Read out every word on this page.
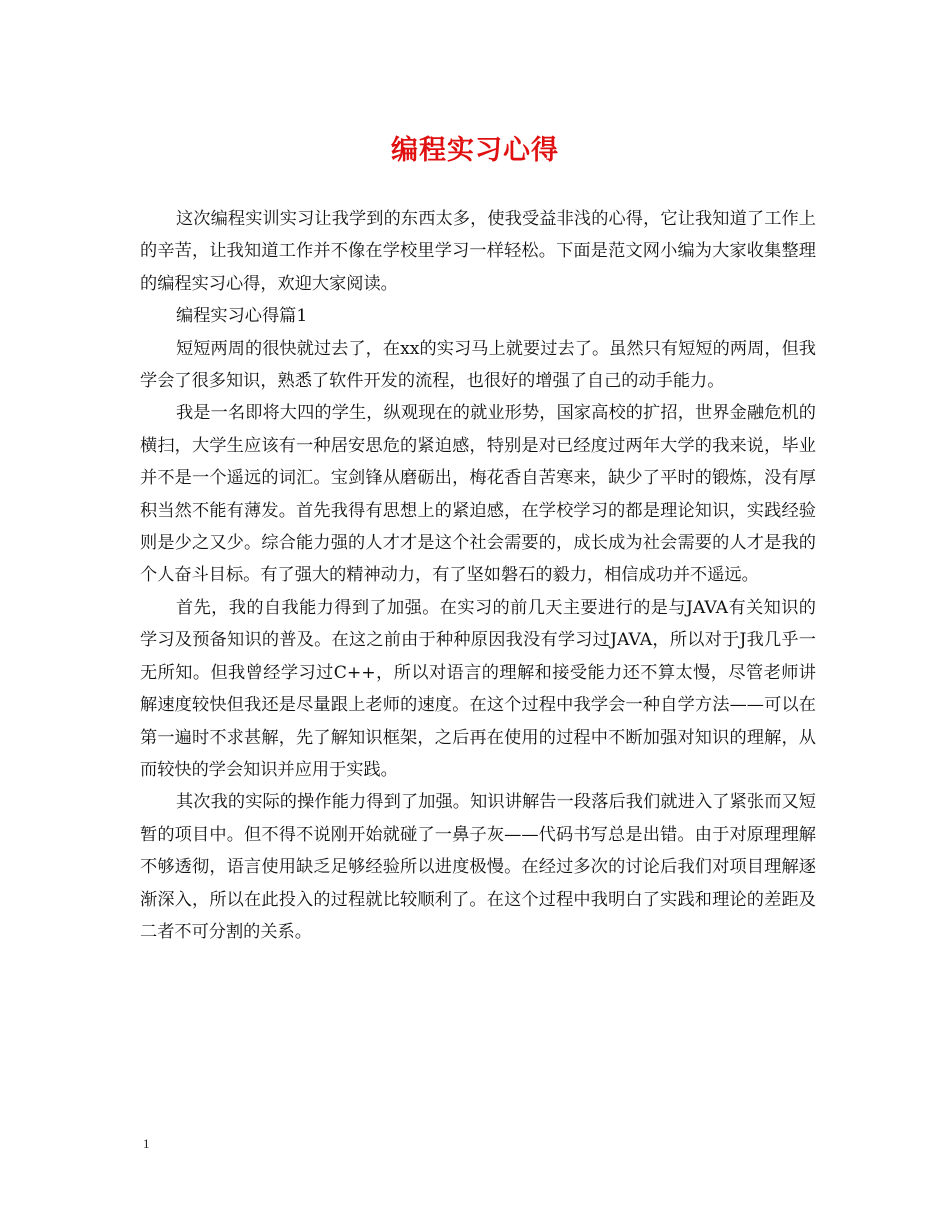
编程实习心得

这次编程实训实习让我学到的东西太多，使我受益非浅的心得，它让我知道了工作上的辛苦，让我知道工作并不像在学校里学习一样轻松。下面是范文网小编为大家收集整理的编程实习心得，欢迎大家阅读。

编程实习心得篇1

短短两周的很快就过去了，在xx的实习马上就要过去了。虽然只有短短的两周，但我学会了很多知识，熟悉了软件开发的流程，也很好的增强了自己的动手能力。

我是一名即将大四的学生，纵观现在的就业形势，国家高校的扩招，世界金融危机的横扫，大学生应该有一种居安思危的紧迫感，特别是对已经度过两年大学的我来说，毕业并不是一个遥远的词汇。宝剑锋从磨砺出，梅花香自苦寒来，缺少了平时的锻炼，没有厚积当然不能有薄发。首先我得有思想上的紧迫感，在学校学习的都是理论知识，实践经验则是少之又少。综合能力强的人才才是这个社会需要的，成长成为社会需要的人才是我的个人奋斗目标。有了强大的精神动力，有了坚如磐石的毅力，相信成功并不遥远。

首先，我的自我能力得到了加强。在实习的前几天主要进行的是与JAVA有关知识的学习及预备知识的普及。在这之前由于种种原因我没有学习过JAVA，所以对于J我几乎一无所知。但我曾经学习过C++，所以对语言的理解和接受能力还不算太慢，尽管老师讲解速度较快但我还是尽量跟上老师的速度。在这个过程中我学会一种自学方法——可以在第一遍时不求甚解，先了解知识框架，之后再在使用的过程中不断加强对知识的理解，从而较快的学会知识并应用于实践。

其次我的实际的操作能力得到了加强。知识讲解告一段落后我们就进入了紧张而又短暂的项目中。但不得不说刚开始就碰了一鼻子灰——代码书写总是出错。由于对原理理解不够透彻，语言使用缺乏足够经验所以进度极慢。在经过多次的讨论后我们对项目理解逐渐深入，所以在此投入的过程就比较顺利了。在这个过程中我明白了实践和理论的差距及二者不可分割的关系。

1
